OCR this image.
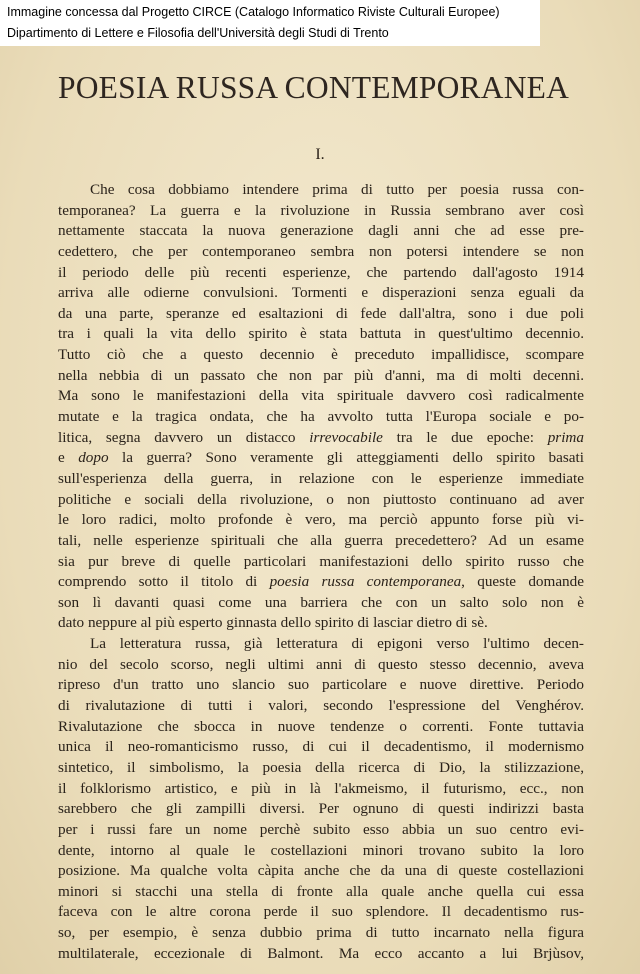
Immagine concessa dal Progetto CIRCE (Catalogo Informatico Riviste Culturali Europee)
Dipartimento di Lettere e Filosofia dell'Università degli Studi di Trento
POESIA RUSSA CONTEMPORANEA
I.
Che cosa dobbiamo intendere prima di tutto per poesia russa con-
temporanea? La guerra e la rivoluzione in Russia sembrano aver così
nettamente staccata la nuova generazione dagli anni che ad esse pre-
cedettero, che per contemporaneo sembra non potersi intendere se non
il periodo delle più recenti esperienze, che partendo dall'agosto 1914
arriva alle odierne convulsioni. Tormenti e disperazioni senza eguali da
da una parte, speranze ed esaltazioni di fede dall'altra, sono i due poli
tra i quali la vita dello spirito è stata battuta in quest'ultimo decennio.
Tutto ciò che a questo decennio è preceduto impallidisce, scompare
nella nebbia di un passato che non par più d'anni, ma di molti decenni.
Ma sono le manifestazioni della vita spirituale davvero così radicalmente
mutate e la tragica ondata, che ha avvolto tutta l'Europa sociale e po-
litica, segna davvero un distacco irrevocabile tra le due epoche: prima
e dopo la guerra? Sono veramente gli atteggiamenti dello spirito basati
sull'esperienza della guerra, in relazione con le esperienze immediate
politiche e sociali della rivoluzione, o non piuttosto continuano ad aver
le loro radici, molto profonde è vero, ma perciò appunto forse più vi-
tali, nelle esperienze spirituali che alla guerra precedettero? Ad un esame
sia pur breve di quelle particolari manifestazioni dello spirito russo che
comprendo sotto il titolo di poesia russa contemporanea, queste domande
son lì davanti quasi come una barriera che con un salto solo non è
dato neppure al più esperto ginnasta dello spirito di lasciar dietro di sè.
La letteratura russa, già letteratura di epigoni verso l'ultimo decen-
nio del secolo scorso, negli ultimi anni di questo stesso decennio, aveva
ripreso d'un tratto uno slancio suo particolare e nuove direttive. Periodo
di rivalutazione di tutti i valori, secondo l'espressione del Venghérov.
Rivalutazione che sbocca in nuove tendenze o correnti. Fonte tuttavia
unica il neo-romanticismo russo, di cui il decadentismo, il modernismo
sintetico, il simbolismo, la poesia della ricerca di Dio, la stilizzazione,
il folklorismo artistico, e più in là l'akmeismo, il futurismo, ecc., non
sarebbero che gli zampilli diversi. Per ognuno di questi indirizzi basta
per i russi fare un nome perchè subito esso abbia un suo centro evi-
dente, intorno al quale le costellazioni minori trovano subito la loro
posizione. Ma qualche volta càpita anche che da una di queste costellazioni
minori si stacchi una stella di fronte alla quale anche quella cui essa
faceva con le altre corona perde il suo splendore. Il decadentismo rus-
so, per esempio, è senza dubbio prima di tutto incarnato nella figura
multilaterale, eccezionale di Balmont. Ma ecco accanto a lui Brjùsov,
